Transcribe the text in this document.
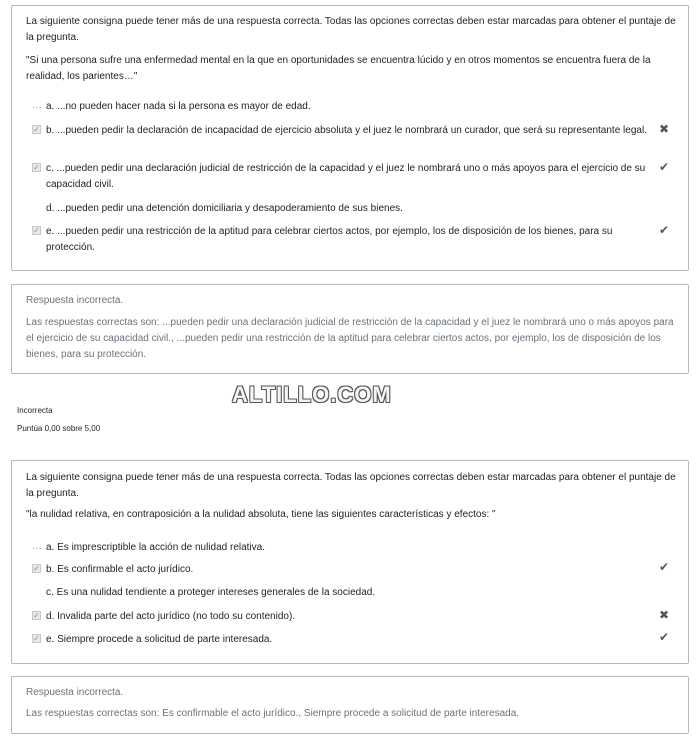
La siguiente consigna puede tener más de una respuesta correcta. Todas las opciones correctas deben estar marcadas para obtener el puntaje de la pregunta.
"Si una persona sufre una enfermedad mental en la que en oportunidades se encuentra lúcido y en otros momentos se encuentra fuera de la realidad, los parientes…"
… a. ...no pueden hacer nada si la persona es mayor de edad.
✓ b. ...pueden pedir la declaración de incapacidad de ejercicio absoluta y el juez le nombrará un curador, que será su representante legal.	✖
✓ c. ...pueden pedir una declaración judicial de restricción de la capacidad y el juez le nombrará uno o más apoyos para el ejercicio de su capacidad civil.
✔
d. ...pueden pedir una detención domiciliaria y desapoderamiento de sus bienes.
✓ e. ...pueden pedir una restricción de la aptitud para celebrar ciertos actos, por ejemplo, los de disposición de los bienes, para su protección.
✔
Respuesta incorrecta.
Las respuestas correctas son: ...pueden pedir una declaración judicial de restricción de la capacidad y el juez le nombrará uno o más apoyos para el ejercicio de su capacidad civil., ...pueden pedir una restricción de la aptitud para celebrar ciertos actos, por ejemplo, los de disposición de los bienes, para su protección.
ALTILLO.COM
Incorrecta
Puntúa 0,00 sobre 5,00
La siguiente consigna puede tener más de una respuesta correcta. Todas las opciones correctas deben estar marcadas para obtener el puntaje de la pregunta.
"la nulidad relativa, en contraposición a la nulidad absoluta, tiene las siguientes características y efectos: "
… a. Es imprescriptible la acción de nulidad relativa.
✓ b. Es confirmable el acto jurídico.	✔
c. Es una nulidad tendiente a proteger intereses generales de la sociedad.
✓ d. Invalida parte del acto jurídico (no todo su contenido).	✖
✓ e. Siempre procede a solicitud de parte interesada.	✔
Respuesta incorrecta.
Las respuestas correctas son: Es confirmable el acto jurídico., Siempre procede a solicitud de parte interesada.
